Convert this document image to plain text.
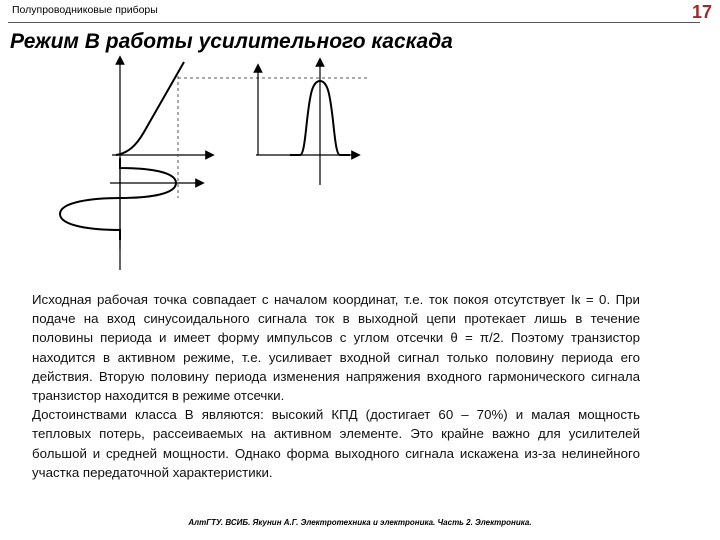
Полупроводниковые приборы	17
Режим В работы усилительного каскада

Исходная рабочая точка совпадает с началом координат, т.е. ток покоя отсутствует Iк = 0. При подаче на вход синусоидального сигнала ток в выходной цепи протекает лишь в течение половины периода и имеет форму импульсов с углом отсечки θ = π/2. Поэтому транзистор находится в активном режиме, т.е. усиливает входной сигнал только половину периода его действия. Вторую половину периода изменения напряжения входного гармонического сигнала транзистор находится в режиме отсечки.

Достоинствами класса В являются: высокий КПД (достигает 60 – 70%) и малая мощность тепловых потерь, рассеиваемых на активном элементе. Это крайне важно для усилителей большой и средней мощности. Однако форма выходного сигнала искажена из-за нелинейного участка передаточной характеристики.

АлтГТУ. ВСИБ. Якунин А.Г. Электротехника и электроника. Часть 2. Электроника.
